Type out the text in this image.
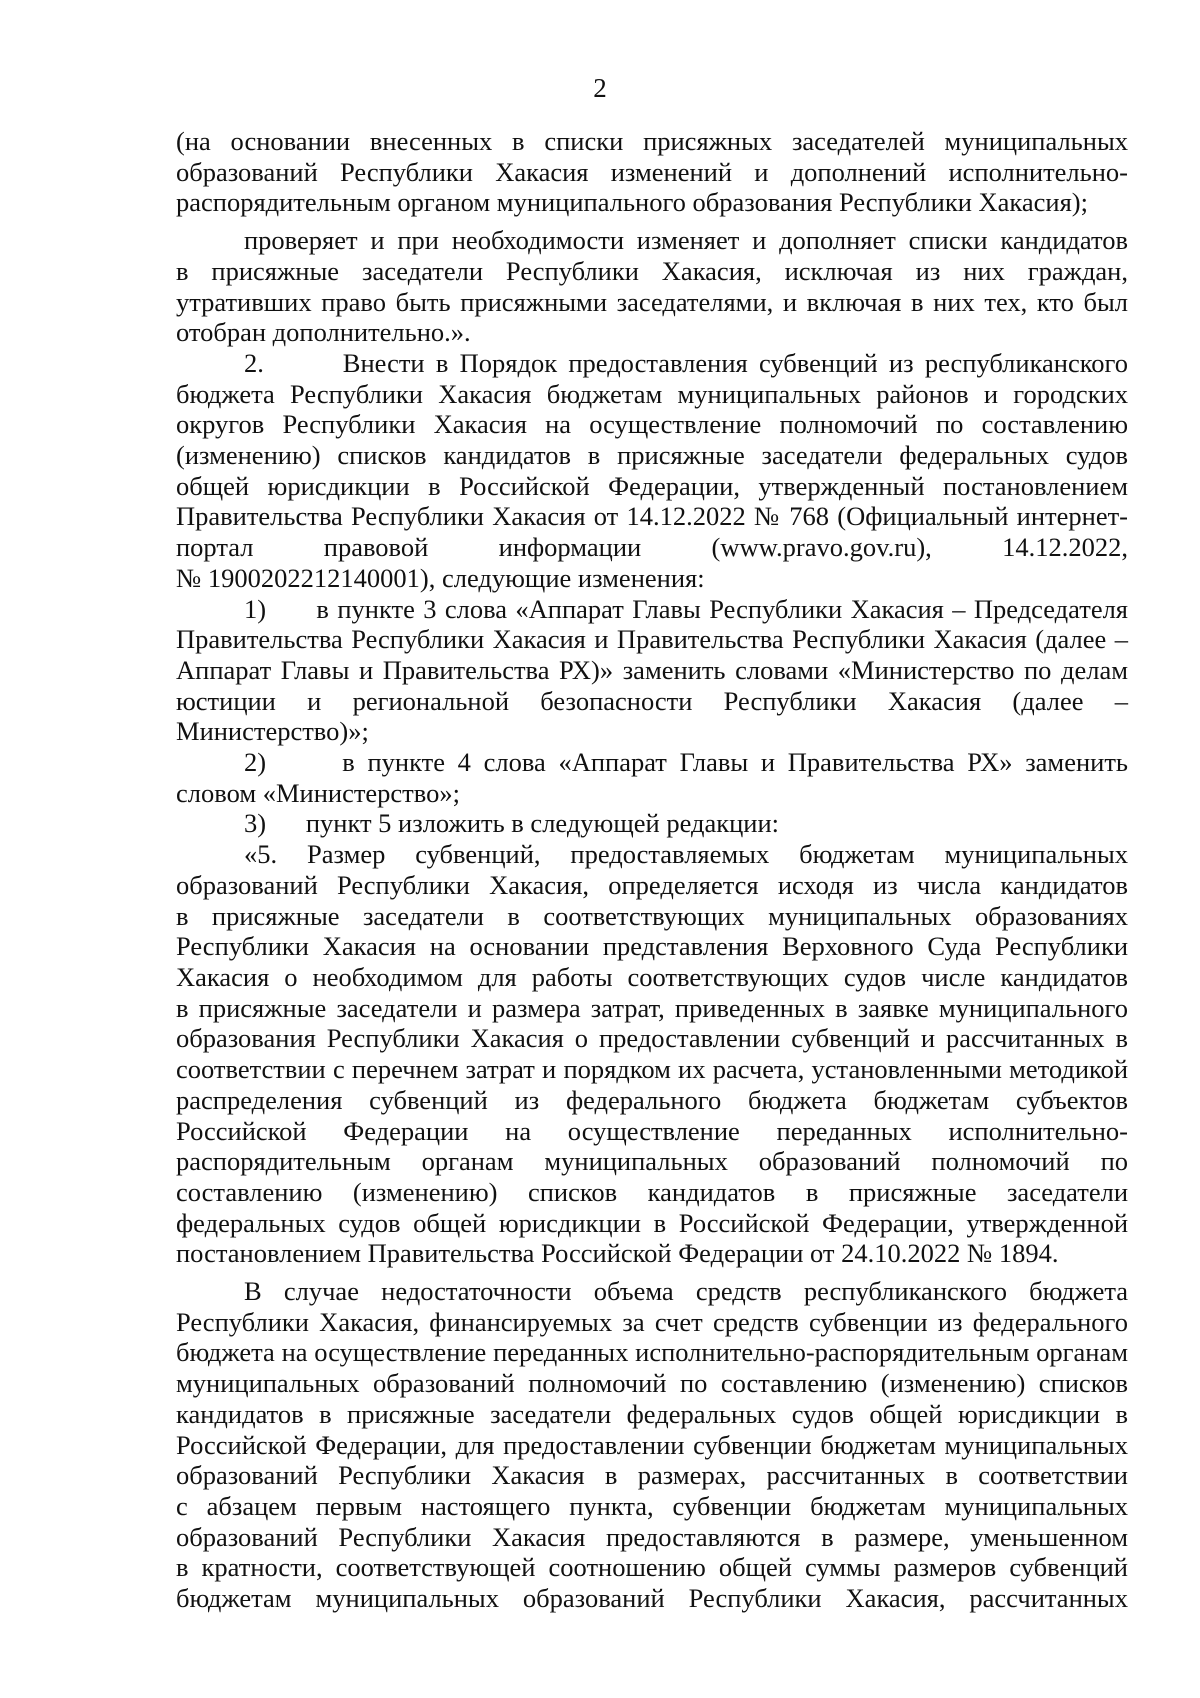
2

(на основании внесенных в списки присяжных заседателей муниципальных
образований Республики Хакасия изменений и дополнений исполнительно-
распорядительным органом муниципального образования Республики Хакасия);

проверяет и при необходимости изменяет и дополняет списки кандидатов
в присяжные заседатели Республики Хакасия, исключая из них граждан,
утративших право быть присяжными заседателями, и включая в них тех, кто был
отобран дополнительно.».

2.       Внести в Порядок предоставления субвенций из республиканского
бюджета Республики Хакасия бюджетам муниципальных районов и городских
округов Республики Хакасия на осуществление полномочий по составлению
(изменению) списков кандидатов в присяжные заседатели федеральных судов
общей юрисдикции в Российской Федерации, утвержденный постановлением
Правительства Республики Хакасия от 14.12.2022 № 768 (Официальный интернет-
портал правовой информации (www.pravo.gov.ru), 14.12.2022,
№ 1900202212140001), следующие изменения:

1)      в пункте 3 слова «Аппарат Главы Республики Хакасия – Председателя
Правительства Республики Хакасия и Правительства Республики Хакасия (далее –
Аппарат Главы и Правительства РХ)» заменить словами «Министерство по делам
юстиции и региональной безопасности Республики Хакасия (далее –
Министерство)»;

2)      в пункте 4 слова «Аппарат Главы и Правительства РХ» заменить
словом «Министерство»;

3)      пункт 5 изложить в следующей редакции:

«5. Размер субвенций, предоставляемых бюджетам муниципальных
образований Республики Хакасия, определяется исходя из числа кандидатов
в присяжные заседатели в соответствующих муниципальных образованиях
Республики Хакасия на основании представления Верховного Суда Республики
Хакасия о необходимом для работы соответствующих судов числе кандидатов
в присяжные заседатели и размера затрат, приведенных в заявке муниципального
образования Республики Хакасия о предоставлении субвенций и рассчитанных в
соответствии с перечнем затрат и порядком их расчета, установленными методикой
распределения субвенций из федерального бюджета бюджетам субъектов
Российской Федерации на осуществление переданных исполнительно-
распорядительным органам муниципальных образований полномочий по
составлению (изменению) списков кандидатов в присяжные заседатели
федеральных судов общей юрисдикции в Российской Федерации, утвержденной
постановлением Правительства Российской Федерации от 24.10.2022 № 1894.

В случае недостаточности объема средств республиканского бюджета
Республики Хакасия, финансируемых за счет средств субвенции из федерального
бюджета на осуществление переданных исполнительно-распорядительным органам
муниципальных образований полномочий по составлению (изменению) списков
кандидатов в присяжные заседатели федеральных судов общей юрисдикции в
Российской Федерации, для предоставлении субвенции бюджетам муниципальных
образований Республики Хакасия в размерах, рассчитанных в соответствии
с абзацем первым настоящего пункта, субвенции бюджетам муниципальных
образований Республики Хакасия предоставляются в размере, уменьшенном
в кратности, соответствующей соотношению общей суммы размеров субвенций
бюджетам муниципальных образований Республики Хакасия, рассчитанных
